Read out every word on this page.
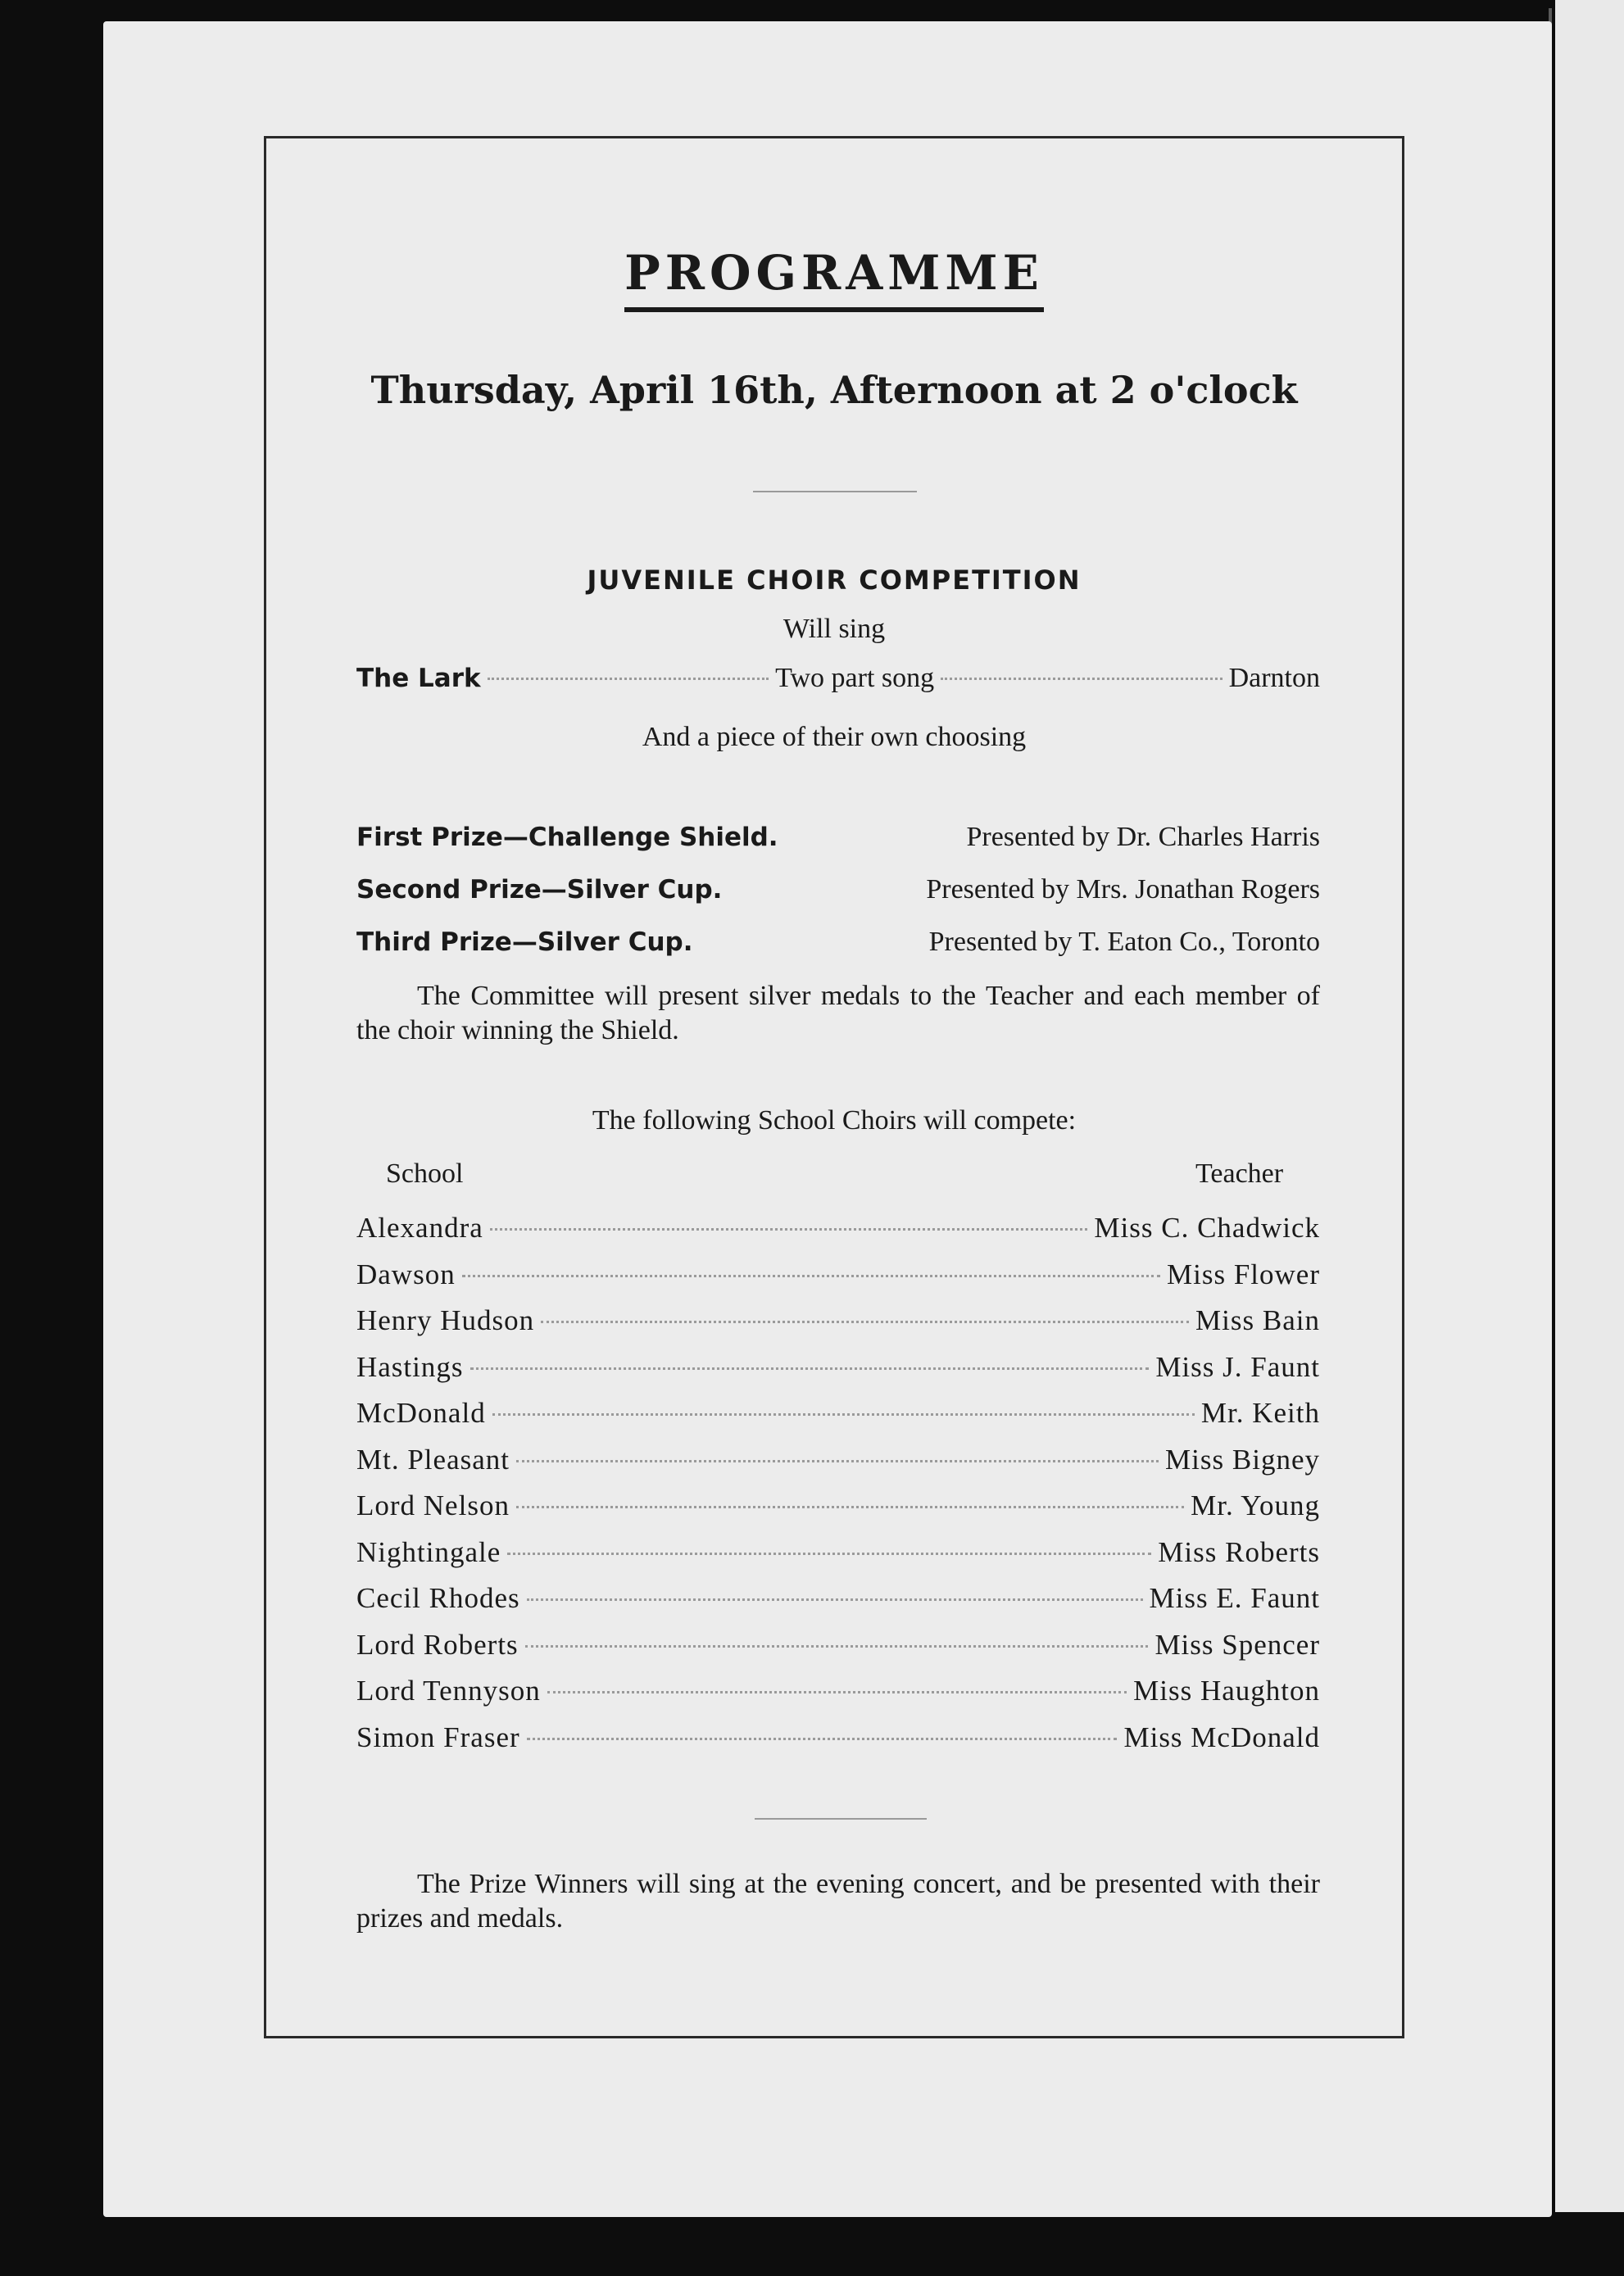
PROGRAMME
Thursday, April 16th, Afternoon at 2 o'clock
JUVENILE CHOIR COMPETITION
Will sing
The Lark	Two part song	Darnton
And a piece of their own choosing
First Prize—Challenge Shield.	Presented by Dr. Charles Harris
Second Prize—Silver Cup.	Presented by Mrs. Jonathan Rogers
Third Prize—Silver Cup.	Presented by T. Eaton Co., Toronto
The Committee will present silver medals to the Teacher and each member of the choir winning the Shield.
The following School Choirs will compete:
School	Teacher
Alexandra	Miss C. Chadwick
Dawson	Miss Flower
Henry Hudson	Miss Bain
Hastings	Miss J. Faunt
McDonald	Mr. Keith
Mt. Pleasant	Miss Bigney
Lord Nelson	Mr. Young
Nightingale	Miss Roberts
Cecil Rhodes	Miss E. Faunt
Lord Roberts	Miss Spencer
Lord Tennyson	Miss Haughton
Simon Fraser	Miss McDonald
The Prize Winners will sing at the evening concert, and be presented with their prizes and medals.
